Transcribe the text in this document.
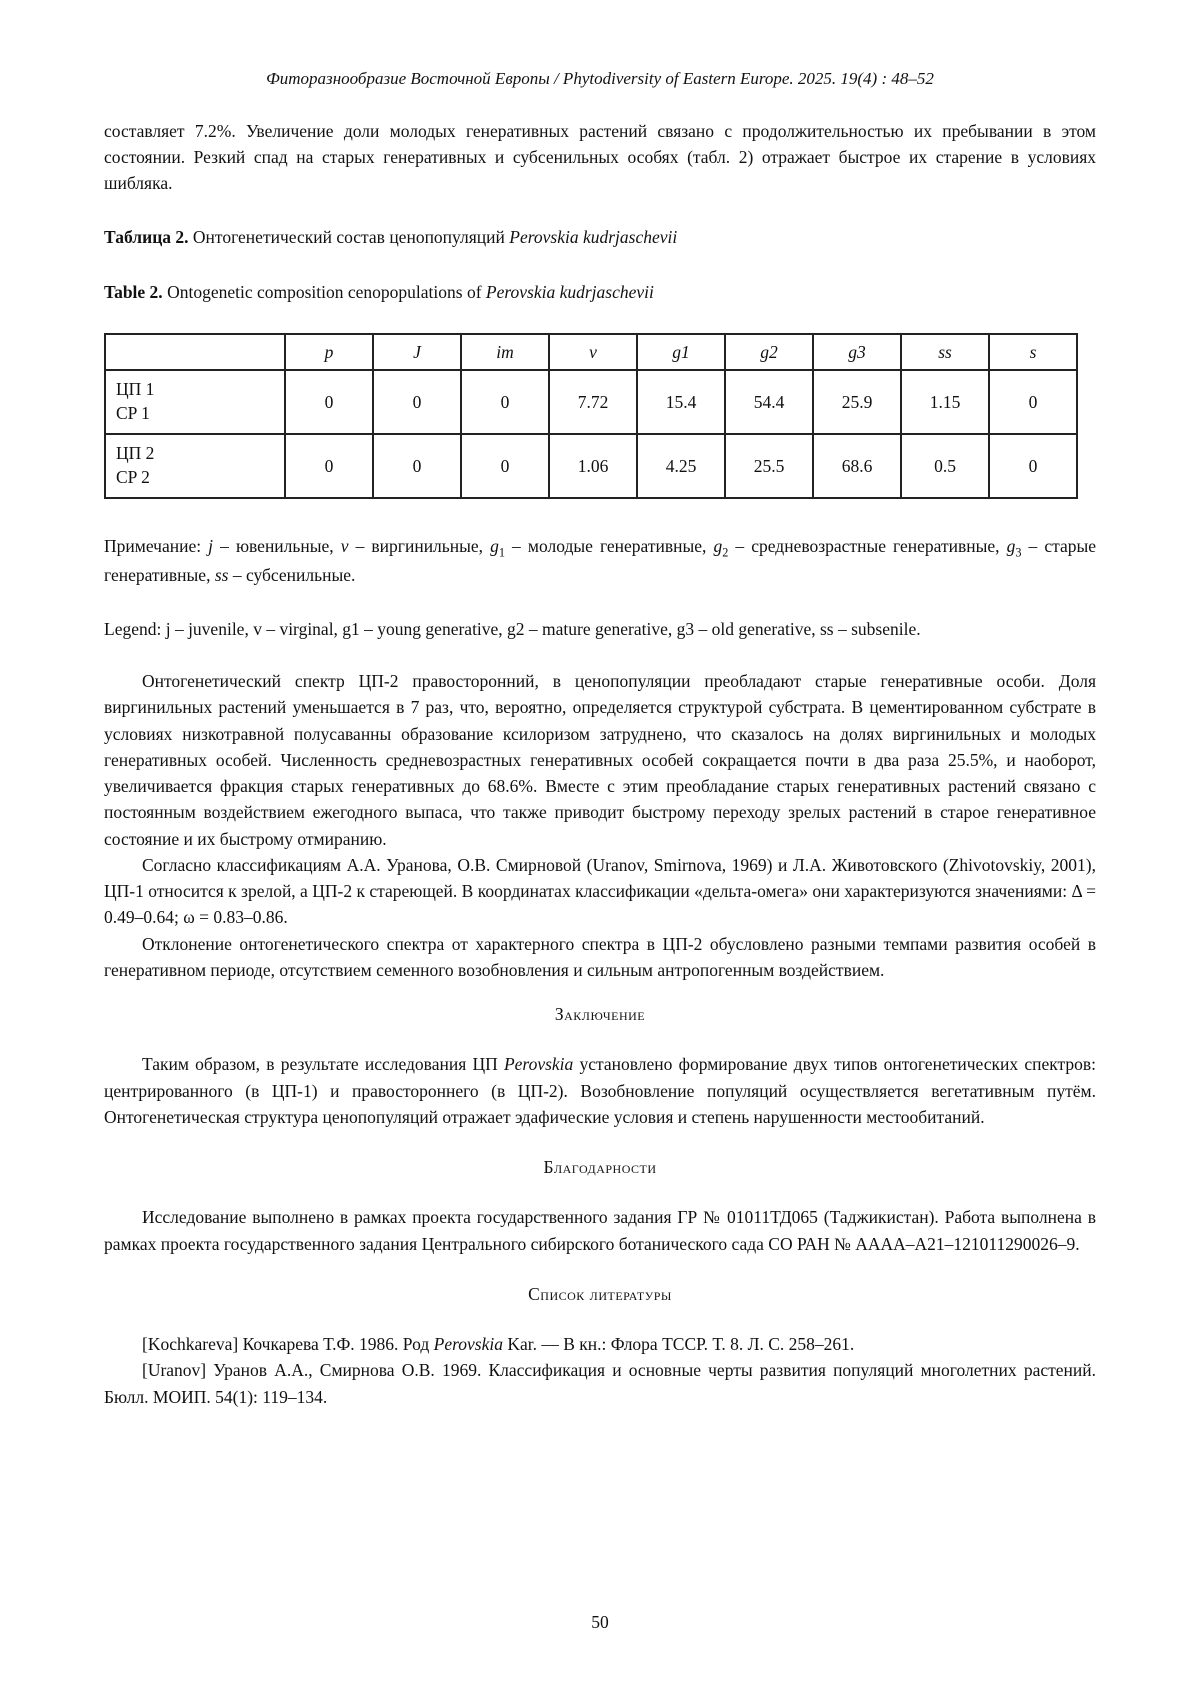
Фиторазнообразие Восточной Европы / Phytodiversity of Eastern Europe. 2025. 19(4) : 48–52

составляет 7.2%. Увеличение доли молодых генеративных растений связано с продолжительностью их пребывании в этом состоянии. Резкий спад на старых генеративных и субсенильных особях (табл. 2) отражает быстрое их старение в условиях шибляка.

Таблица 2. Онтогенетический состав ценопопуляций Perovskia kudrjaschevii

Table 2. Ontogenetic composition cenopopulations of Perovskia kudrjaschevii

	p	J	im	v	g1	g2	g3	ss	s
ЦП 1
CP 1	0	0	0	7.72	15.4	54.4	25.9	1.15	0
ЦП 2
CP 2	0	0	0	1.06	4.25	25.5	68.6	0.5	0

Примечание: j – ювенильные, v – виргинильные, $g_1$ – молодые генеративные, $g_2$ – средневозрастные генеративные, $g_3$ – старые генеративные, ss – субсенильные.

Legend: j – juvenile, v – virginal, g1 – young generative, g2 – mature generative, g3 – old generative, ss – subsenile.

Онтогенетический спектр ЦП-2 правосторонний, в ценопопуляции преобладают старые генеративные особи. Доля виргинильных растений уменьшается в 7 раз, что, вероятно, определяется структурой субстрата. В цементированном субстрате в условиях низкотравной полусаванны образование ксилоризом затруднено, что сказалось на долях виргинильных и молодых генеративных особей. Численность средневозрастных генеративных особей сокращается почти в два раза 25.5%, и наоборот, увеличивается фракция старых генеративных до 68.6%. Вместе с этим преобладание старых генеративных растений связано с постоянным воздействием ежегодного выпаса, что также приводит быстрому переходу зрелых растений в старое генеративное состояние и их быстрому отмиранию.

Согласно классификациям А.А. Уранова, О.В. Смирновой (Uranov, Smirnova, 1969) и Л.А. Животовского (Zhivotovskiy, 2001), ЦП-1 относится к зрелой, а ЦП-2 к стареющей. В координатах классификации «дельта-омега» они характеризуются значениями: Δ = 0.49–0.64; ω = 0.83–0.86.

Отклонение онтогенетического спектра от характерного спектра в ЦП-2 обусловлено разными темпами развития особей в генеративном периоде, отсутствием семенного возобновления и сильным антропогенным воздействием.

Заключение

Таким образом, в результате исследования ЦП Perovskia установлено формирование двух типов онтогенетических спектров: центрированного (в ЦП-1) и правостороннего (в ЦП-2). Возобновление популяций осуществляется вегетативным путём. Онтогенетическая структура ценопопуляций отражает эдафические условия и степень нарушенности местообитаний.

Благодарности

Исследование выполнено в рамках проекта государственного задания ГР № 01011ТД065 (Таджикистан). Работа выполнена в рамках проекта государственного задания Центрального сибирского ботанического сада СО РАН № АААА–А21–121011290026–9.

Список литературы

[Kochkareva] Кочкарева Т.Ф. 1986. Род Perovskia Kar. — В кн.: Флора ТССР. Т. 8. Л. С. 258–261.

[Uranov] Уранов А.А., Смирнова О.В. 1969. Классификация и основные черты развития популяций многолетних растений. Бюлл. МОИП. 54(1): 119–134.

50
